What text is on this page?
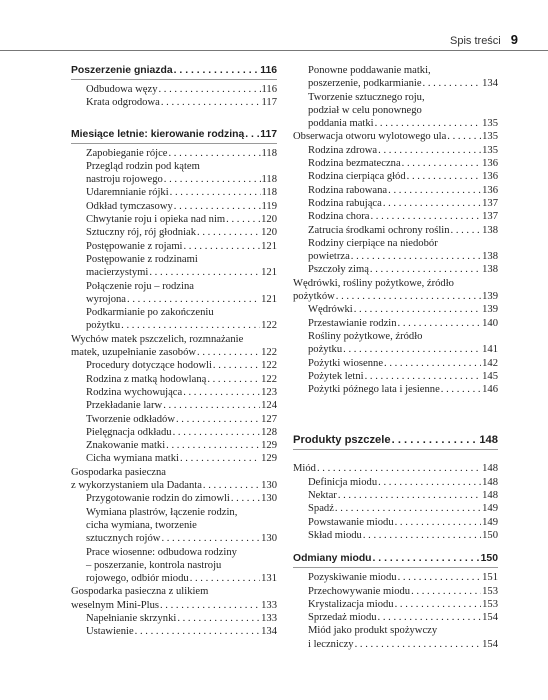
Spis treści 9
Poszerzenie gniazda . . .	116
Odbudowa węzy . . .	116
Krata odgrodowa . . .	117
Miesiące letnie: kierowanie rodziną . . . 117
Zapobieganie rójce . . .	118
Przegląd rodzin pod kątem
nastroju rojowego . . .	118
Udaremnianie rójki . . .	118
Odkład tymczasowy . . .	119
Chwytanie roju i opieka nad nim . . .	120
Sztuczny rój, rój głodniak . . .	120
Postępowanie z rojami . . .	121
Postępowanie z rodzinami
macierzystymi . . .	121
Połączenie roju – rodzina
wyrojona . . .	121
Podkarmianie po zakończeniu
pożytku . . .	122
Wychów matek pszczelich, rozmnażanie
matek, uzupełnianie zasobów . . .	122
Procedury dotyczące hodowli . . .	122
Rodzina z matką hodowlaną . . .	122
Rodzina wychowująca . . .	123
Przekładanie larw . . .	124
Tworzenie odkładów . . .	127
Pielęgnacja odkładu . . .	128
Znakowanie matki . . .	129
Cicha wymiana matki . . .	129
Gospodarka pasieczna
z wykorzystaniem ula Dadanta . . .	130
Przygotowanie rodzin do zimowli . . .	130
Wymiana plastrów, łączenie rodzin,
cicha wymiana, tworzenie
sztucznych rojów . . .	130
Prace wiosenne: odbudowa rodziny
– poszerzanie, kontrola nastroju
rojowego, odbiór miodu . . .	131
Gospodarka pasieczna z ulikiem
weselnym Mini-Plus . . .	133
Napełnianie skrzynki . . .	133
Ustawienie . . .	134
Ponowne poddawanie matki,
poszerzenie, podkarmianie . . .	134
Tworzenie sztucznego roju,
podział w celu ponownego
poddania matki . . .	135
Obserwacja otworu wylotowego ula . . .	135
Rodzina zdrowa . . .	135
Rodzina bezmateczna . . .	136
Rodzina cierpiąca głód . . .	136
Rodzina rabowana . . .	136
Rodzina rabująca . . .	137
Rodzina chora . . .	137
Zatrucia środkami ochrony roślin . . .	138
Rodziny cierpiące na niedobór
powietrza . . .	138
Pszczoły zimą . . .	138
Wędrówki, rośliny pożytkowe, źródło
pożytków . . .	139
Wędrówki . . .	139
Przestawianie rodzin . . .	140
Rośliny pożytkowe, źródło
pożytku . . .	141
Pożytki wiosenne . . .	142
Pożytek letni . . .	145
Pożytki późnego lata i jesienne . . .	146
Produkty pszczele . . .	148
Miód . . .	148
Definicja miodu . . .	148
Nektar . . .	148
Spadź . . .	149
Powstawanie miodu . . .	149
Skład miodu . . .	150
Odmiany miodu . . .	150
Pozyskiwanie miodu . . .	151
Przechowywanie miodu . . .	153
Krystalizacja miodu . . .	153
Sprzedaż miodu . . .	154
Miód jako produkt spożywczy
i leczniczy . . .	154
